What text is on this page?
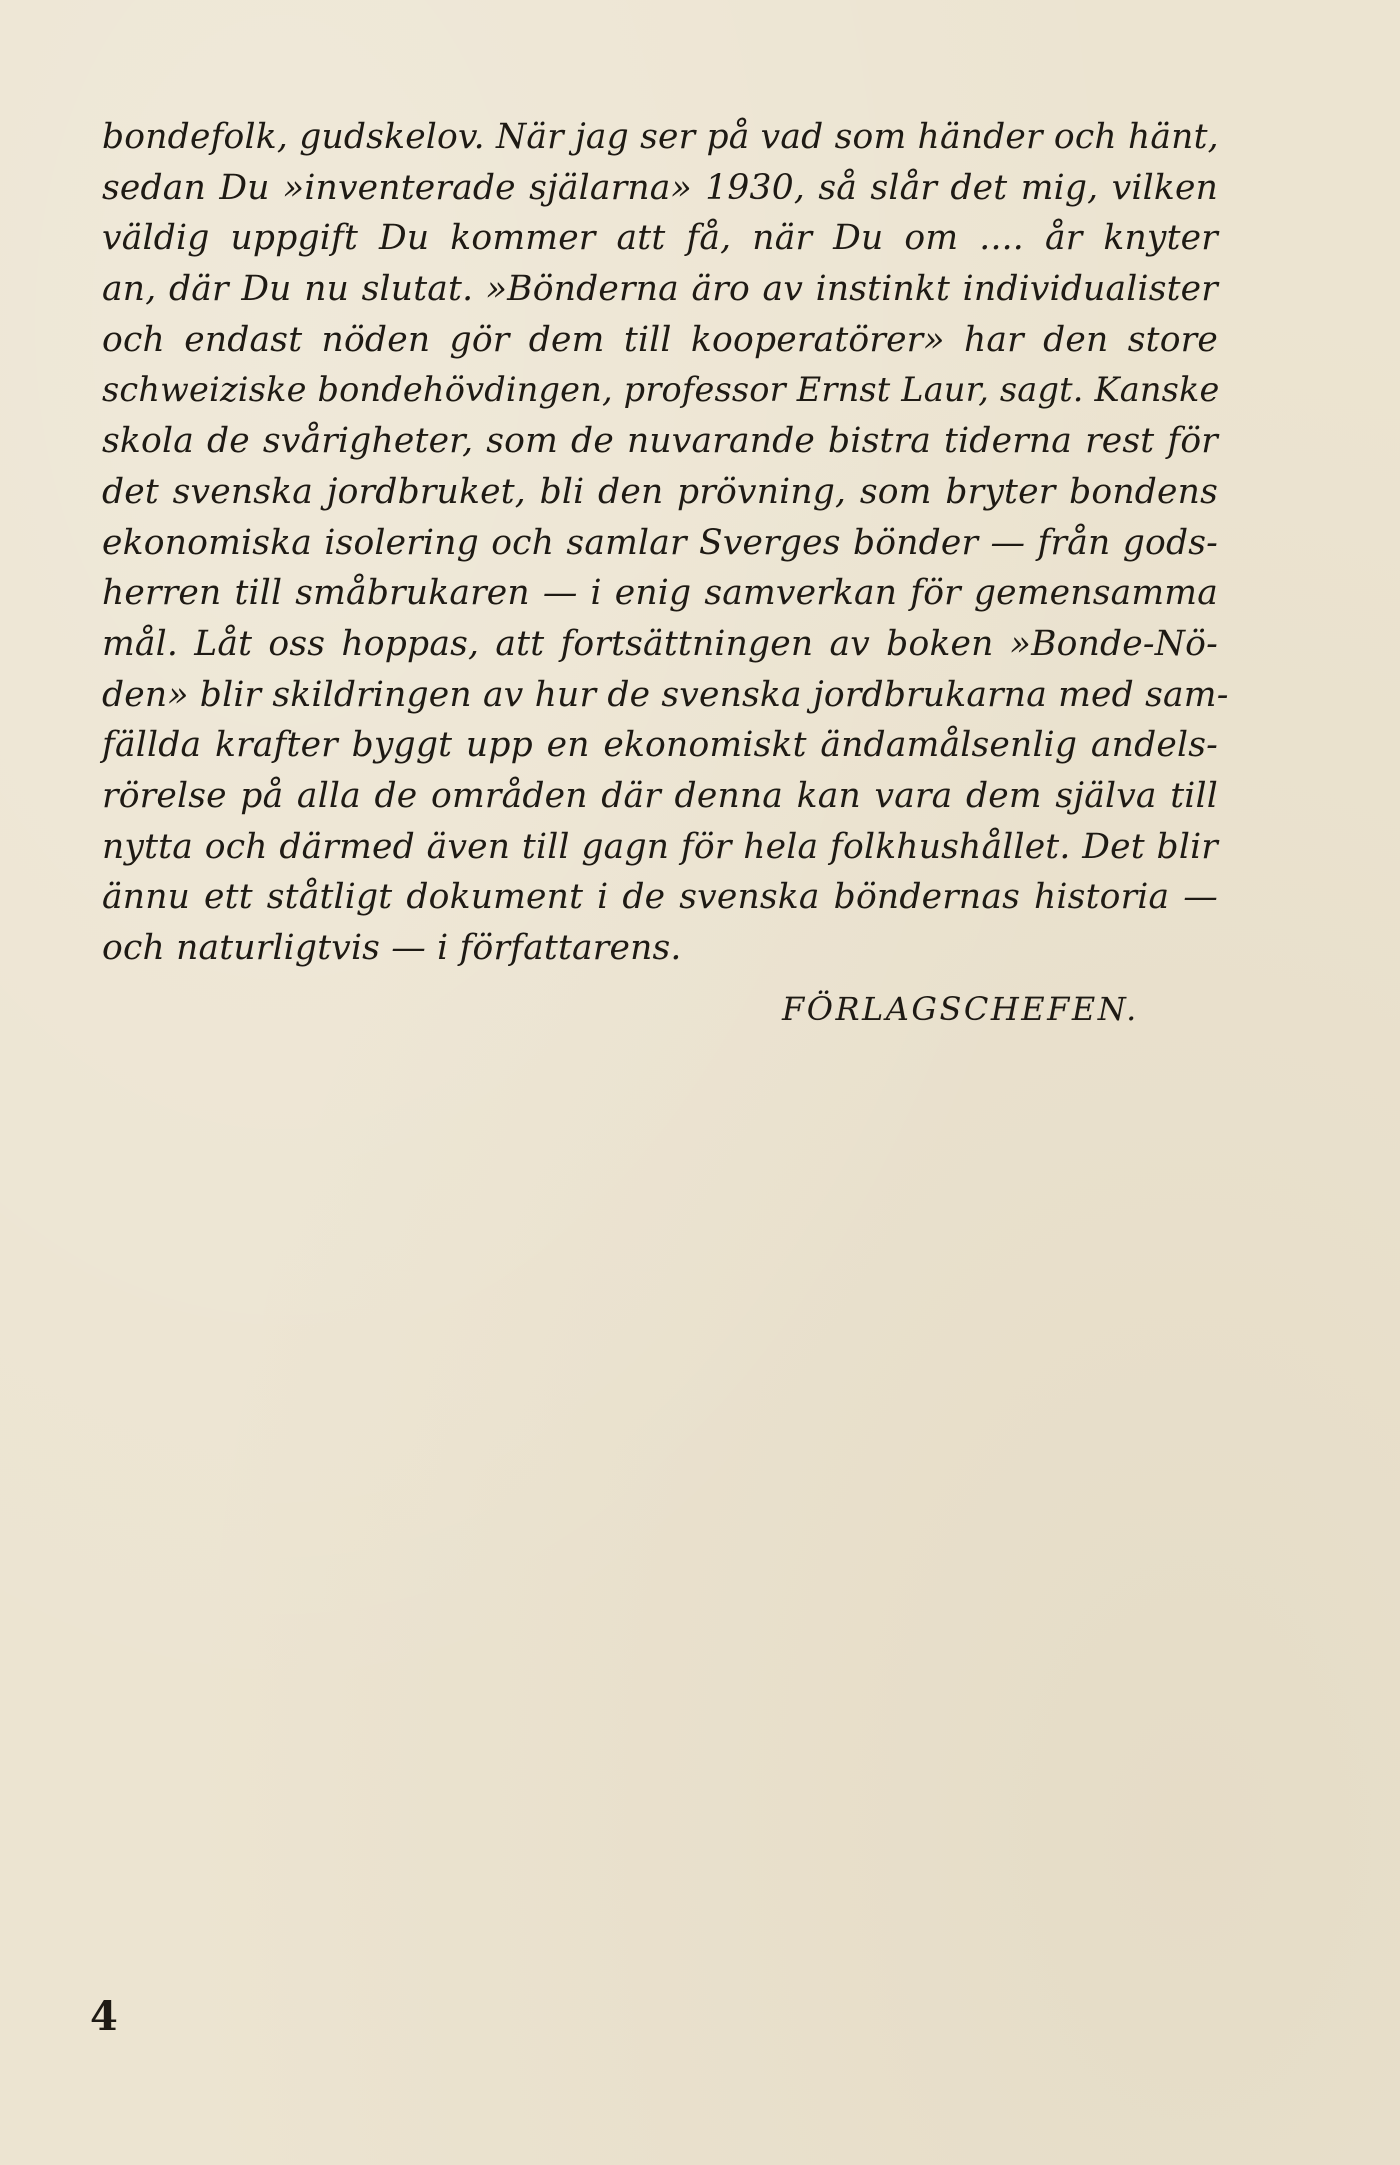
bondefolk, gudskelov. När jag ser på vad som händer och hänt,
sedan Du »inventerade själarna» 1930, så slår det mig, vilken
väldig uppgift Du kommer att få, när Du om .... år knyter
an, där Du nu slutat. »Bönderna äro av instinkt individualister
och endast nöden gör dem till kooperatörer» har den store
schweiziske bondehövdingen, professor Ernst Laur, sagt. Kanske
skola de svårigheter, som de nuvarande bistra tiderna rest för
det svenska jordbruket, bli den prövning, som bryter bondens
ekonomiska isolering och samlar Sverges bönder — från gods-
herren till småbrukaren — i enig samverkan för gemensamma
mål. Låt oss hoppas, att fortsättningen av boken »Bonde-Nö-
den» blir skildringen av hur de svenska jordbrukarna med sam-
fällda krafter byggt upp en ekonomiskt ändamålsenlig andels-
rörelse på alla de områden där denna kan vara dem själva till
nytta och därmed även till gagn för hela folkhushållet. Det blir
ännu ett ståtligt dokument i de svenska böndernas historia —
och naturligtvis — i författarens.
FÖRLAGSCHEFEN.
4
